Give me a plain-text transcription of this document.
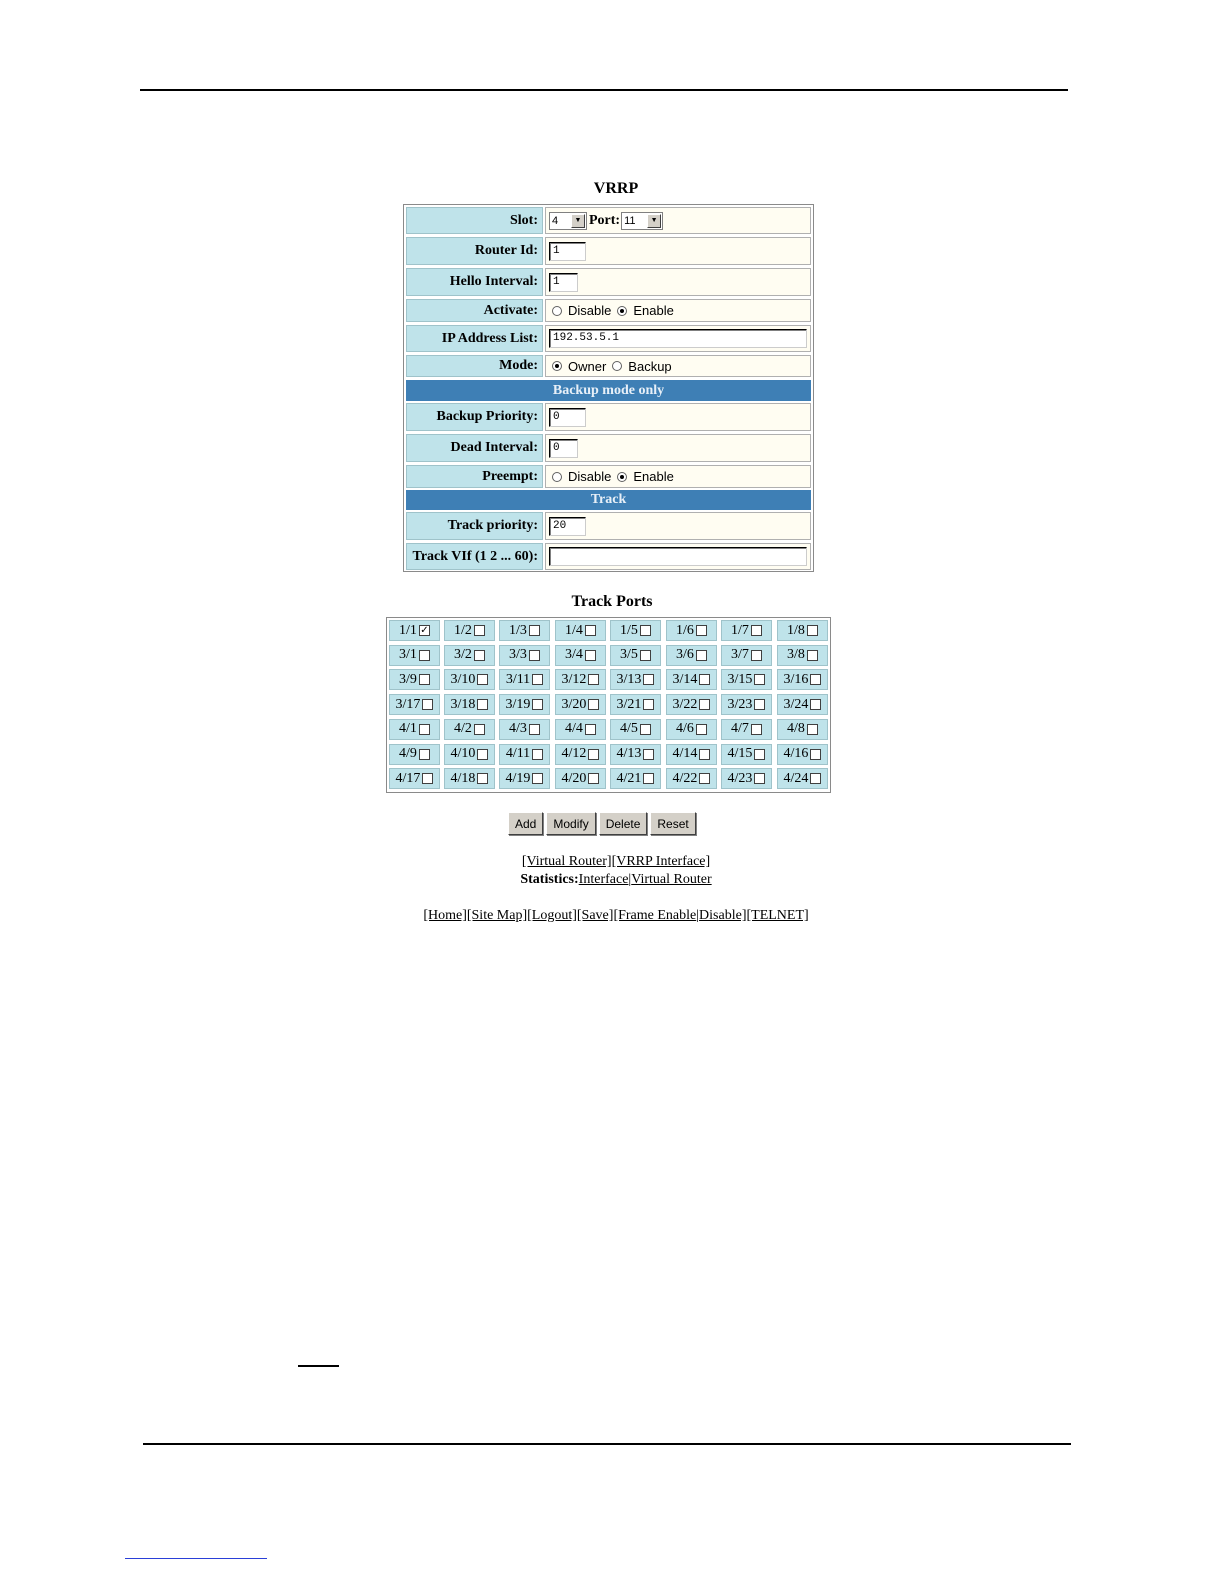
VRRP
Slot:	4	▼ Port: 11	▼
Router Id:	1
Hello Interval:	1
Activate:	Disable Enable
IP Address List:	192.53.5.1
Mode:	Owner Backup
Backup mode only
Backup Priority:	0
Dead Interval:	0
Preempt:	Disable Enable
Track
Track priority:	20
Track VIf (1 2 ... 60):
Track Ports
1/1 ✓ 1/2	1/3	1/4	1/5	1/6	1/7	1/8
3/1	3/2	3/3	3/4	3/5	3/6	3/7	3/8
3/9 3/10 3/11 3/12 3/13 3/14 3/15 3/16
3/17 3/18 3/19 3/20 3/21 3/22 3/23 3/24
4/1	4/2	4/3	4/4	4/5	4/6	4/7	4/8
4/9 4/10 4/11 4/12 4/13 4/14 4/15 4/16
4/17 4/18 4/19 4/20 4/21 4/22 4/23 4/24
Add	Modify	Delete	Reset
[Virtual Router][VRRP Interface]
Statistics:Interface|Virtual Router
[Home][Site Map][Logout][Save][Frame Enable|Disable][TELNET]
